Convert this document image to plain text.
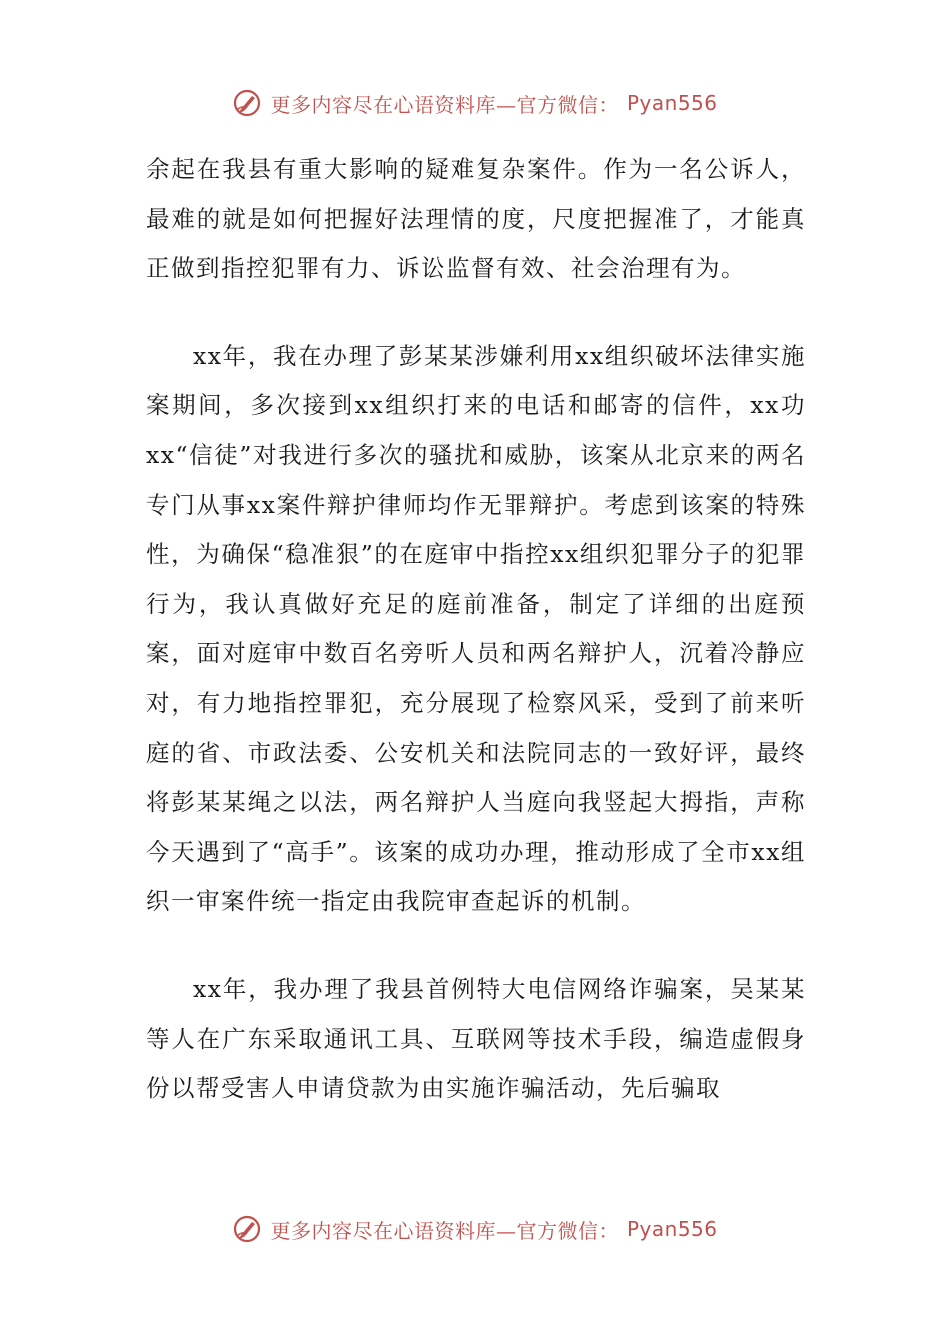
更多内容尽在心语资料库—官方微信： Pyan556

余起在我县有重大影响的疑难复杂案件。作为一名公诉人，最难的就是如何把握好法理情的度，尺度把握准了，才能真正做到指控犯罪有力、诉讼监督有效、社会治理有为。

xx年，我在办理了彭某某涉嫌利用xx组织破坏法律实施案期间，多次接到xx组织打来的电话和邮寄的信件，xx功xx“信徒”对我进行多次的骚扰和威胁，该案从北京来的两名专门从事xx案件辩护律师均作无罪辩护。考虑到该案的特殊性，为确保“稳准狠”的在庭审中指控xx组织犯罪分子的犯罪行为，我认真做好充足的庭前准备，制定了详细的出庭预案，面对庭审中数百名旁听人员和两名辩护人，沉着冷静应对，有力地指控罪犯，充分展现了检察风采，受到了前来听庭的省、市政法委、公安机关和法院同志的一致好评，最终将彭某某绳之以法，两名辩护人当庭向我竖起大拇指，声称今天遇到了“高手”。该案的成功办理，推动形成了全市xx组织一审案件统一指定由我院审查起诉的机制。

xx年，我办理了我县首例特大电信网络诈骗案，吴某某等人在广东采取通讯工具、互联网等技术手段，编造虚假身份以帮受害人申请贷款为由实施诈骗活动，先后骗取

更多内容尽在心语资料库—官方微信： Pyan556
